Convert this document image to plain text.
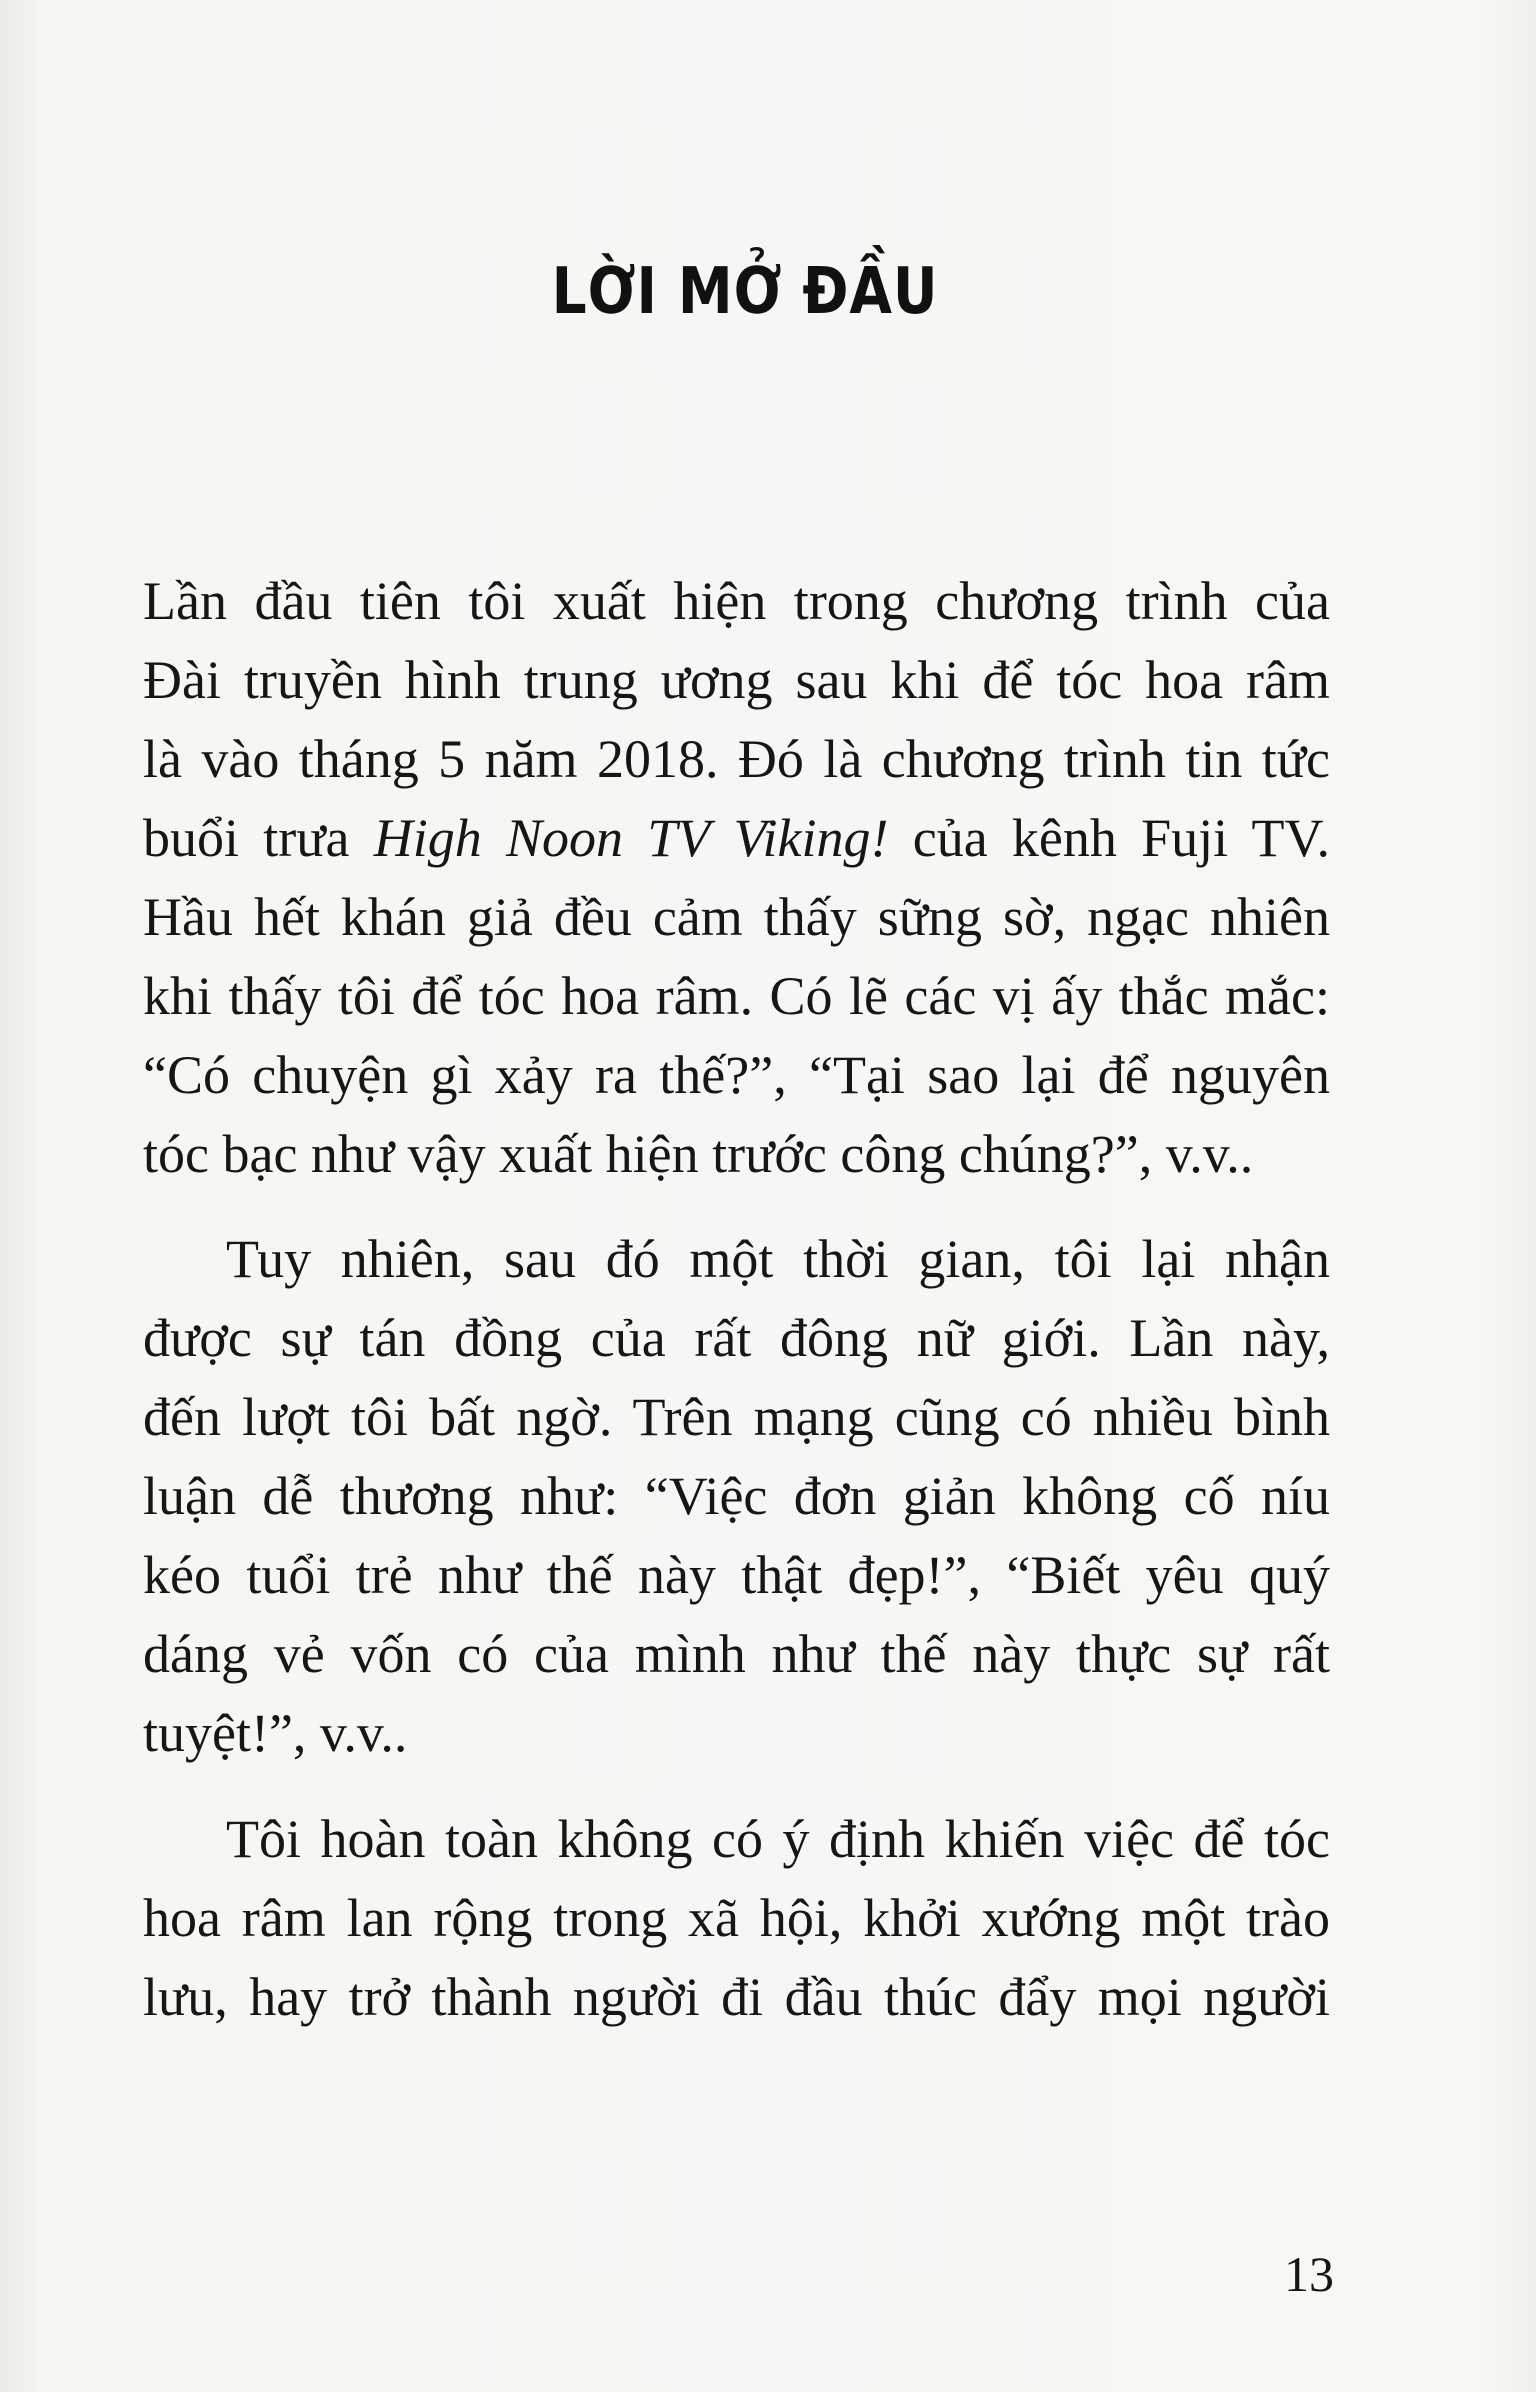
LỜI MỞ ĐẦU
Lần đầu tiên tôi xuất hiện trong chương trình của
Đài truyền hình trung ương sau khi để tóc hoa râm
là vào tháng 5 năm 2018. Đó là chương trình tin tức
buổi trưa High Noon TV Viking! của kênh Fuji TV.
Hầu hết khán giả đều cảm thấy sững sờ, ngạc nhiên
khi thấy tôi để tóc hoa râm. Có lẽ các vị ấy thắc mắc:
“Có chuyện gì xảy ra thế?”, “Tại sao lại để nguyên
tóc bạc như vậy xuất hiện trước công chúng?”, v.v..
Tuy nhiên, sau đó một thời gian, tôi lại nhận
được sự tán đồng của rất đông nữ giới. Lần này,
đến lượt tôi bất ngờ. Trên mạng cũng có nhiều bình
luận dễ thương như: “Việc đơn giản không cố níu
kéo tuổi trẻ như thế này thật đẹp!”, “Biết yêu quý
dáng vẻ vốn có của mình như thế này thực sự rất
tuyệt!”, v.v..
Tôi hoàn toàn không có ý định khiến việc để tóc
hoa râm lan rộng trong xã hội, khởi xướng một trào
lưu, hay trở thành người đi đầu thúc đẩy mọi người
13
